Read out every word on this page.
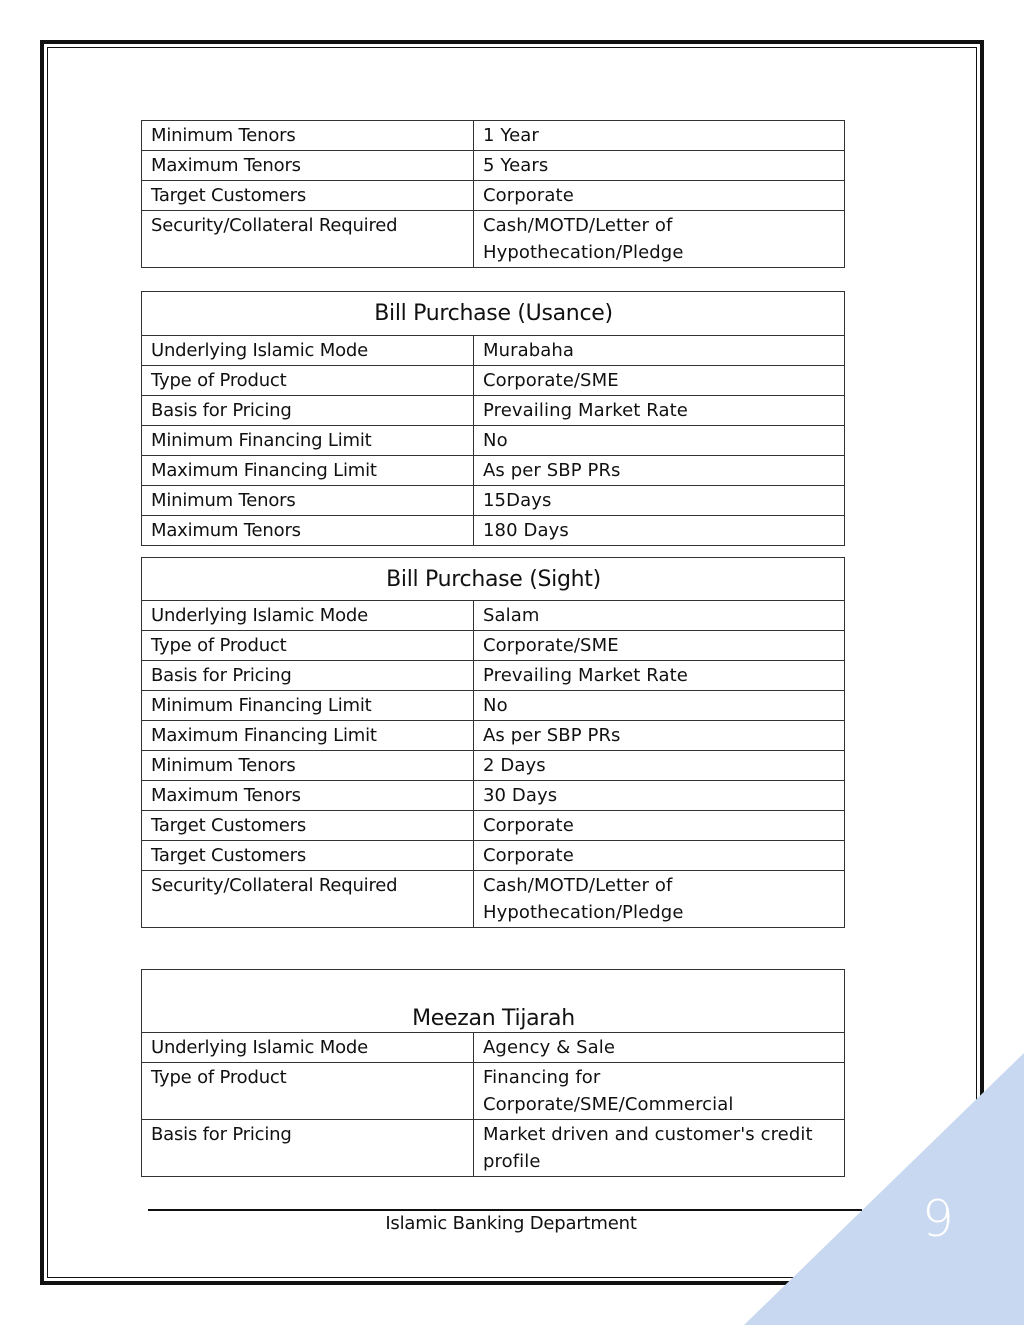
9
Minimum Tenors	1 Year
Maximum Tenors	5 Years
Target Customers	Corporate
Security/Collateral Required	Cash/MOTD/Letter of Hypothecation/Pledge
Bill Purchase (Usance)	
Underlying Islamic Mode	Murabaha
Type of Product	Corporate/SME
Basis for Pricing	Prevailing Market Rate
Minimum Financing Limit	No
Maximum Financing Limit	As per SBP PRs
Minimum Tenors	15Days
Maximum Tenors	180 Days
Bill Purchase (Sight)	
Underlying Islamic Mode	Salam
Type of Product	Corporate/SME
Basis for Pricing	Prevailing Market Rate
Minimum Financing Limit	No
Maximum Financing Limit	As per SBP PRs
Minimum Tenors	2 Days
Maximum Tenors	30 Days
Target Customers	Corporate
Target Customers	Corporate
Security/Collateral Required	Cash/MOTD/Letter of Hypothecation/Pledge
Meezan Tijarah	
Underlying Islamic Mode	Agency & Sale
Type of Product	Financing for Corporate/SME/Commercial
Basis for Pricing	Market driven and customer's credit profile
Islamic Banking Department
